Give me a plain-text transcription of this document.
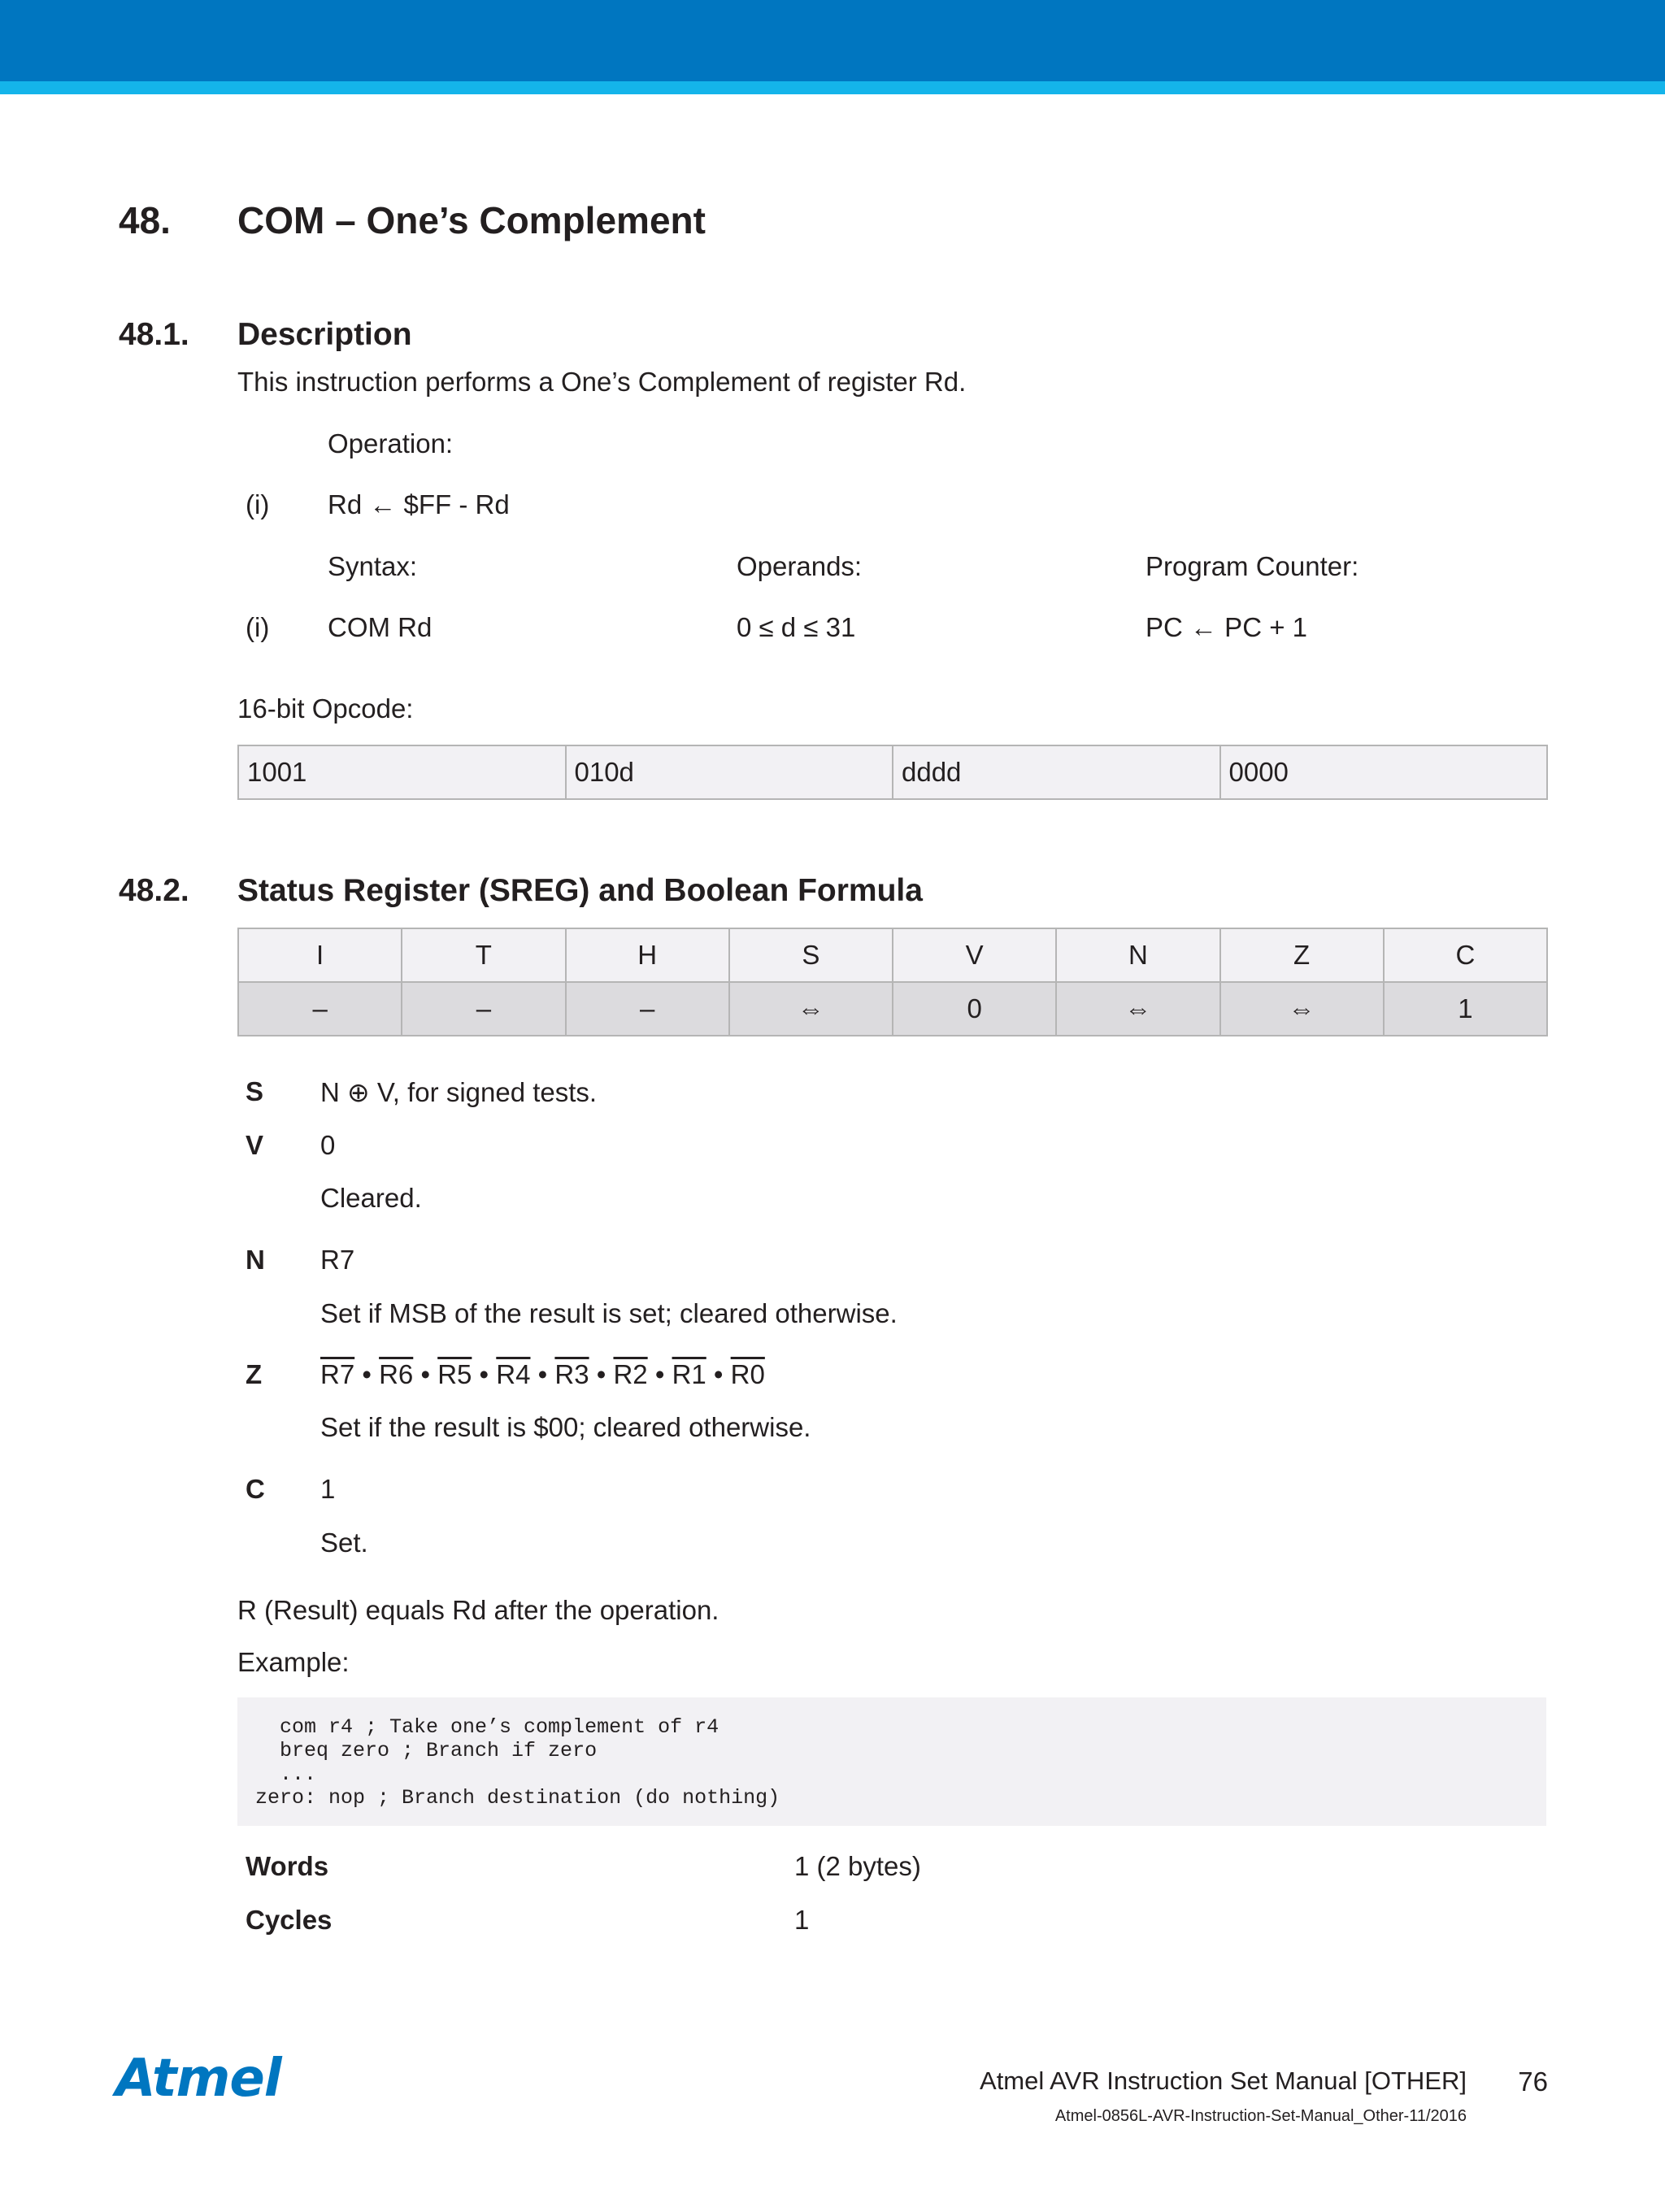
48. COM – One’s Complement
48.1. Description
This instruction performs a One’s Complement of register Rd.
Operation:
(i) Rd ← $FF - Rd
Syntax:	Operands:	Program Counter:
(i) COM Rd	0 ≤ d ≤ 31	PC ← PC + 1
16-bit Opcode:
1001	010d	dddd	0000
48.2. Status Register (SREG) and Boolean Formula
I	T	H	S	V	N	Z	C
–	–	–	⇔	0	⇔	⇔	1
S N ⊕ V, for signed tests.
V 0
Cleared.
N R7
Set if MSB of the result is set; cleared otherwise.
Z R7 • R6 • R5 • R4 • R3 • R2 • R1 • R0
Set if the result is $00; cleared otherwise.
C 1
Set.
R (Result) equals Rd after the operation.
Example:
com r4 ; Take one’s complement of r4
breq zero ; Branch if zero
...
zero: nop ; Branch destination (do nothing)
Words	1 (2 bytes)
Cycles	1
Atmel	Atmel AVR Instruction Set Manual [OTHER]	76
Atmel-0856L-AVR-Instruction-Set-Manual_Other-11/2016
